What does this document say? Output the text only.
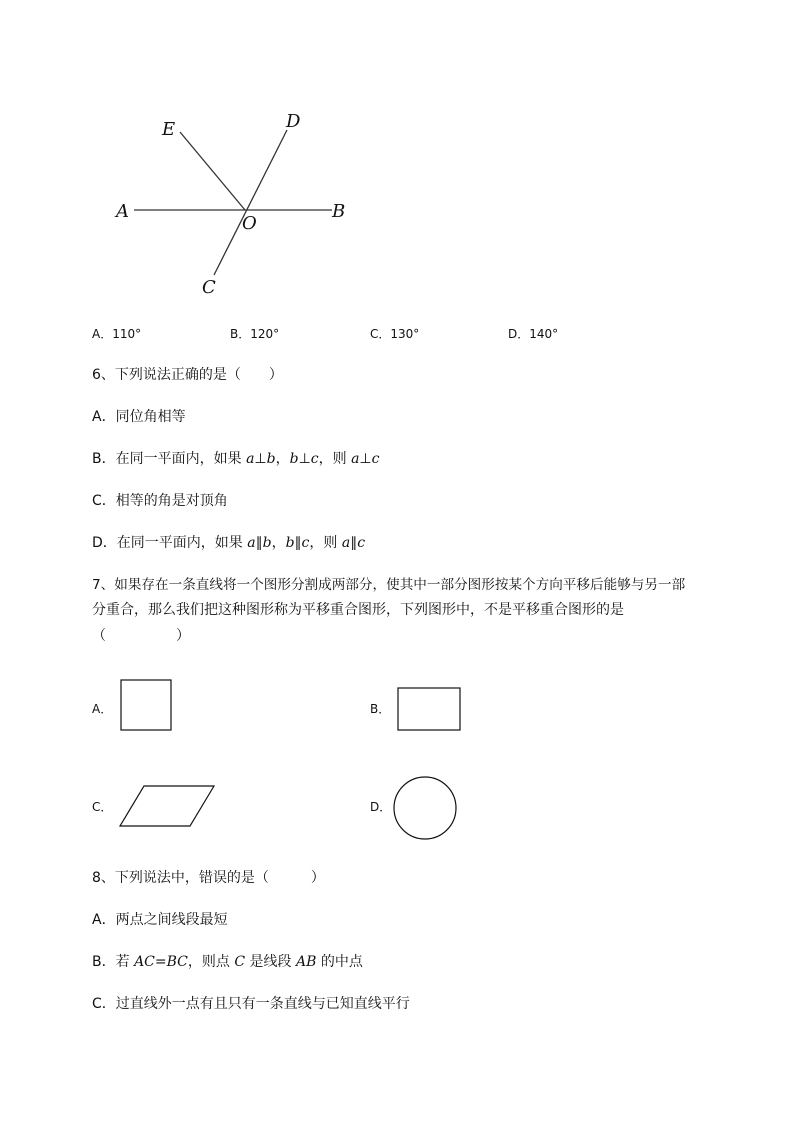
E	D
A
O
B
C
A．110°	B．120°	C．130°	D．140°
6、下列说法正确的是（　　）
A．同位角相等
B．在同一平面内，如果 a⊥b，b⊥c，则 a⊥c
C．相等的角是对顶角
D．在同一平面内，如果 a∥b，b∥c，则 a∥c
7、如果存在一条直线将一个图形分割成两部分，使其中一部分图形按某个方向平移后能够与另一部
分重合，那么我们把这种图形称为平移重合图形，下列图形中，不是平移重合图形的是
（　　　　　）
A．	B．
C．	D．
8、下列说法中，错误的是（　　　）
A．两点之间线段最短
B．若 AC=BC，则点 C 是线段 AB 的中点
C．过直线外一点有且只有一条直线与已知直线平行
